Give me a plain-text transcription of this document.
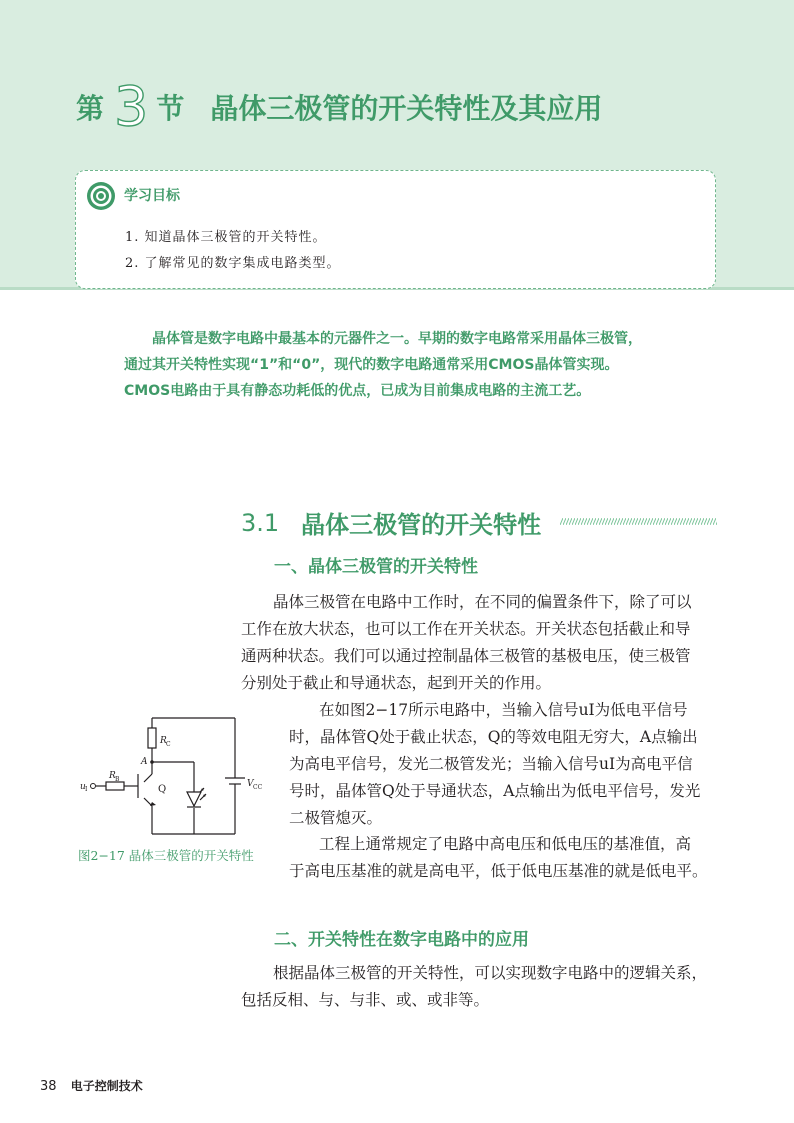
第 3 节 晶体三极管的开关特性及其应用
学习目标
1. 知道晶体三极管的开关特性。
2. 了解常见的数字集成电路类型。

晶体管是数字电路中最基本的元器件之一。早期的数字电路常采用晶体三极管，

通过其开关特性实现“1”和“0”，现代的数字电路通常采用CMOS晶体管实现。

CMOS电路由于具有静态功耗低的优点，已成为目前集成电路的主流工艺。

3.1 晶体三极管的开关特性
一、晶体三极管的开关特性

晶体三极管在电路中工作时，在不同的偏置条件下，除了可以

工作在放大状态，也可以工作在开关状态。开关状态包括截止和导

通两种状态。我们可以通过控制晶体三极管的基极电压，使三极管

分别处于截止和导通状态，起到开关的作用。

R C
R B
u I
A
Q	V CC
图2−17 晶体三极管的开关特性

在如图2−17所示电路中，当输入信号uI为低电平信号

时，晶体管Q处于截止状态，Q的等效电阻无穷大，A点输出

为高电平信号，发光二极管发光；当输入信号uI为高电平信

号时，晶体管Q处于导通状态，A点输出为低电平信号，发光

二极管熄灭。

工程上通常规定了电路中高电压和低电压的基准值，高

于高电压基准的就是高电平，低于低电压基准的就是低电平。

二、开关特性在数字电路中的应用

根据晶体三极管的开关特性，可以实现数字电路中的逻辑关系，

包括反相、与、与非、或、或非等。

38 电子控制技术
